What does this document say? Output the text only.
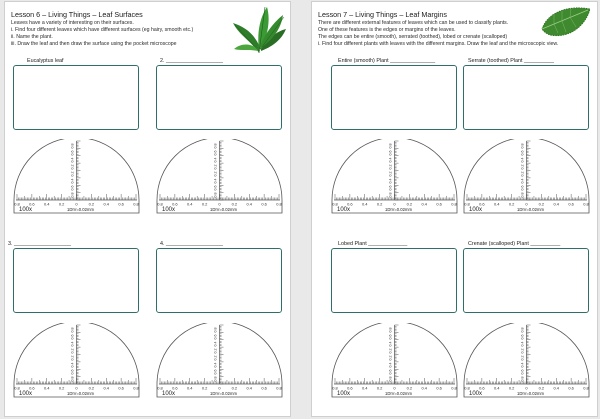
Lesson 6 – Living Things – Leaf Surfaces
Leaves have a variety of interesting on their surfaces.
i. Find four different leaves which have different surfaces (eg hairy, smooth etc.)
ii. Name the plant.
iii. Draw the leaf and then draw the surface using the pocket microscope
Eucalyptus leaf	2. ___________________
0.8 0.6 0.4 0.2	0	0.2 0.4 0.6 0.8
0.8
0.6
0.4
0.2
0.2
0.4
0.6
0.8
100x	1DIV=0.02mm
0.8 0.6 0.4 0.2	0	0.2 0.4 0.6 0.8
0.8
0.6
0.4
0.2
0.2
0.4
0.6
0.8
100x	1DIV=0.02mm
3. ___________________	4. ___________________
0.8 0.6 0.4 0.2	0	0.2 0.4 0.6 0.8
0.8
0.6
0.4
0.2
0.2
0.4
0.6
0.8
100x	1DIV=0.02mm
0.8 0.6 0.4 0.2	0	0.2 0.4 0.6 0.8
0.8
0.6
0.4
0.2
0.2
0.4
0.6
0.8
100x	1DIV=0.02mm
Lesson 7 – Living Things – Leaf Margins
There are different external features of leaves which can be used to classify plants.
One of these features is the edges or margins of the leaves.
The edges can be entire (smooth), serrated (toothed), lobed or crenate (scalloped)
i. Find four different plants with leaves with the different margins. Draw the leaf and the microscopic view.
Entire (smooth) Plant _______________	Serrate (toothed) Plant __________
0.8 0.6 0.4 0.2	0	0.2 0.4 0.6 0.8
0.8
0.6
0.4
0.2
0.2
0.4
0.6
0.8
100x	1DIV=0.02mm
0.8 0.6 0.4 0.2	0	0.2 0.4 0.6 0.8
0.8
0.6
0.4
0.2
0.2
0.4
0.6
0.8
100x	1DIV=0.02mm
Lobed Plant _____________	Crenate (scalloped) Plant __________
0.8 0.6 0.4 0.2	0	0.2 0.4 0.6 0.8
0.8
0.6
0.4
0.2
0.2
0.4
0.6
0.8
100x	1DIV=0.02mm
0.8 0.6 0.4 0.2	0	0.2 0.4 0.6 0.8
0.8
0.6
0.4
0.2
0.2
0.4
0.6
0.8
100x	1DIV=0.02mm
